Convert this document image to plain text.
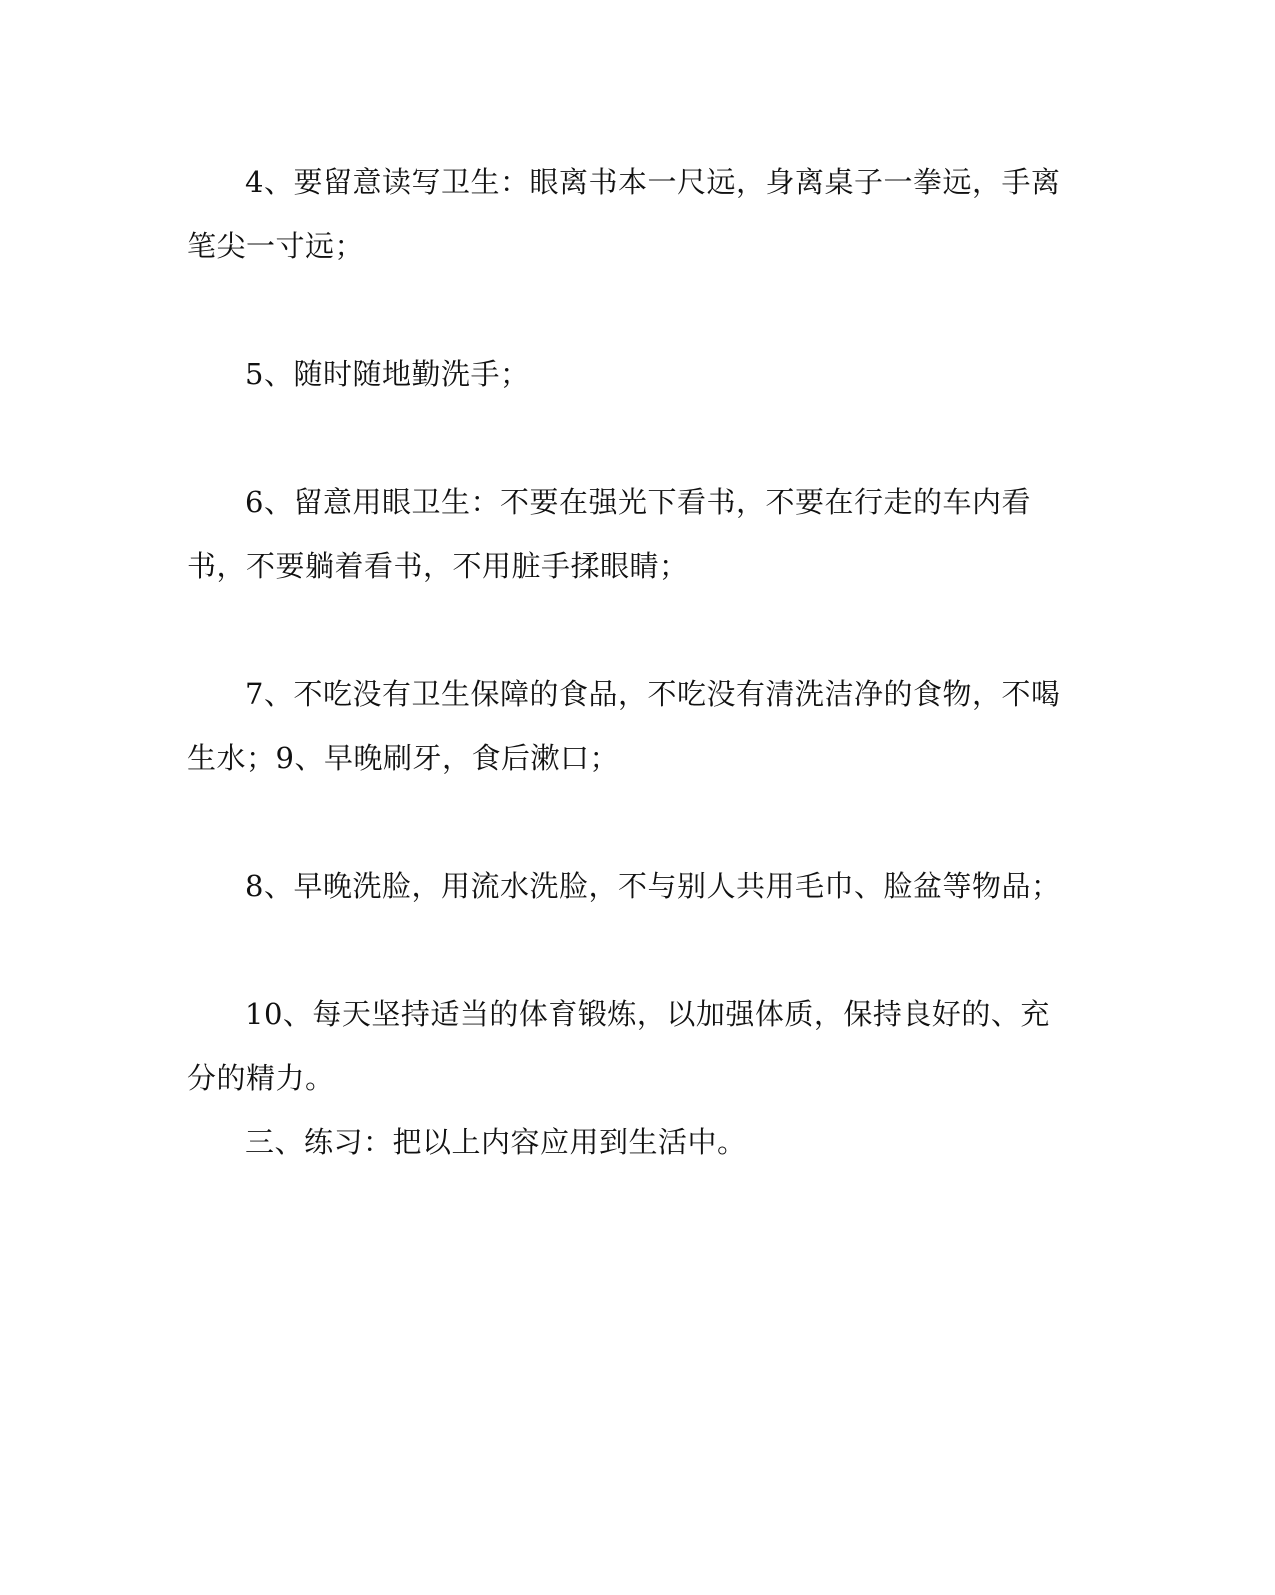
4、要留意读写卫生：眼离书本一尺远，身离桌子一拳远，手离笔尖一寸远；

5、随时随地勤洗手；

6、留意用眼卫生：不要在强光下看书，不要在行走的车内看书，不要躺着看书，不用脏手揉眼睛；

7、不吃没有卫生保障的食品，不吃没有清洗洁净的食物，不喝生水；9、早晚刷牙，食后漱口；

8、早晚洗脸，用流水洗脸，不与别人共用毛巾、脸盆等物品；

10、每天坚持适当的体育锻炼，以加强体质，保持良好的、充分的精力。

三、练习：把以上内容应用到生活中。
